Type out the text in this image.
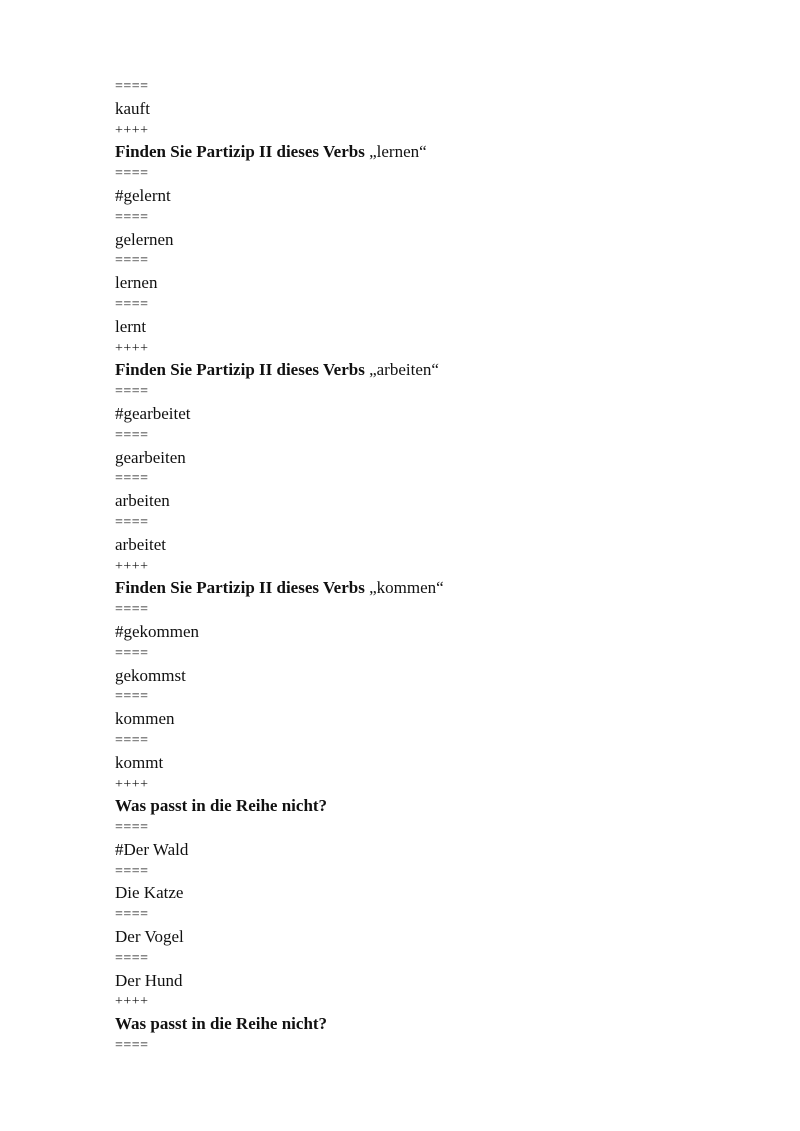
====
kauft
++++
Finden Sie Partizip II dieses Verbs „lernen“
====
#gelernt
====
gelernen
====
lernen
====
lernt
++++
Finden Sie Partizip II dieses Verbs „arbeiten“
====
#gearbeitet
====
gearbeiten
====
arbeiten
====
arbeitet
++++
Finden Sie Partizip II dieses Verbs „kommen“
====
#gekommen
====
gekommst
====
kommen
====
kommt
++++
Was passt in die Reihe nicht?
====
#Der Wald
====
Die Katze
====
Der Vogel
====
Der Hund
++++
Was passt in die Reihe nicht?
====
